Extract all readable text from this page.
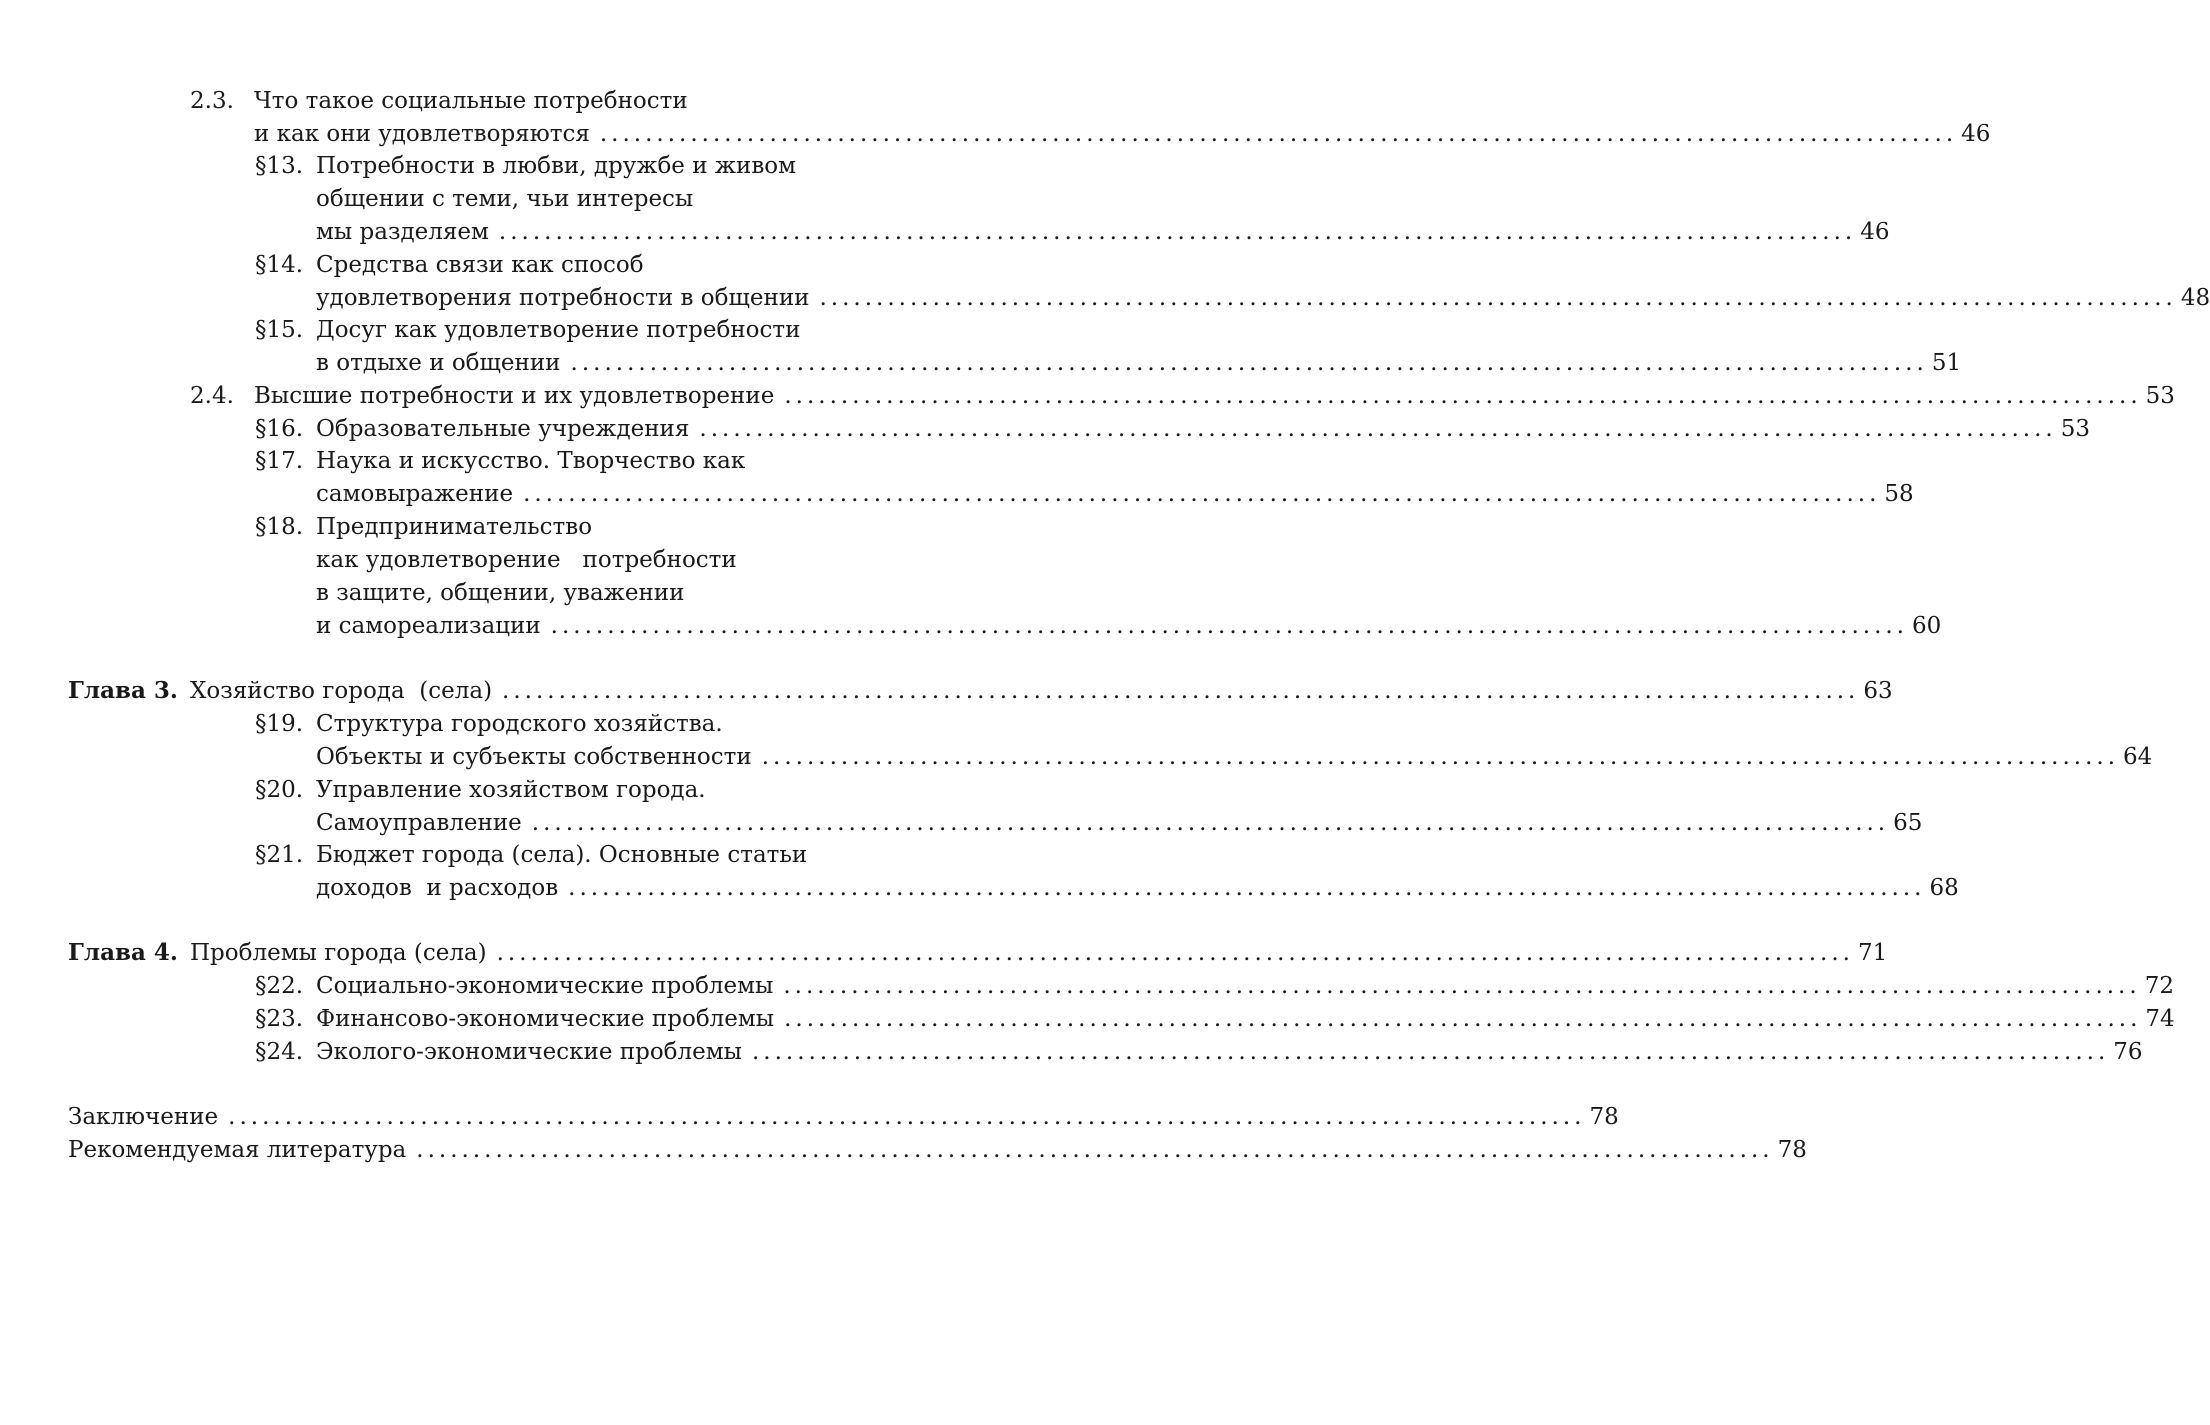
2.3. Что такое социальные потребности
и как они удовлетворяются ........................................................................................................................ 46
§13. Потребности в любви, дружбе и живом
общении с теми, чьи интересы
мы разделяем ........................................................................................................................ 46
§14. Средства связи как способ
удовлетворения потребности в общении ........................................................................................................................ 48
§15. Досуг как удовлетворение потребности
в отдыхе и общении ........................................................................................................................ 51
2.4. Высшие потребности и их удовлетворение ........................................................................................................................ 53
§16. Образовательные учреждения ........................................................................................................................ 53
§17. Наука и искусство. Творчество как
самовыражение ........................................................................................................................ 58
§18. Предпринимательство
как удовлетворение   потребности
в защите, общении, уважении
и самореализации ........................................................................................................................ 60
Глава 3. Хозяйство города  (села) ........................................................................................................................ 63
§19. Структура городского хозяйства.
Объекты и субъекты собственности ........................................................................................................................ 64
§20. Управление хозяйством города.
Самоуправление ........................................................................................................................ 65
§21. Бюджет города (села). Основные статьи
доходов  и расходов ........................................................................................................................ 68
Глава 4. Проблемы города (села) ........................................................................................................................ 71
§22. Социально-экономические проблемы ........................................................................................................................ 72
§23. Финансово-экономические проблемы ........................................................................................................................ 74
§24. Эколого-экономические проблемы ........................................................................................................................ 76
Заключение ........................................................................................................................ 78
Рекомендуемая литература ........................................................................................................................ 78
